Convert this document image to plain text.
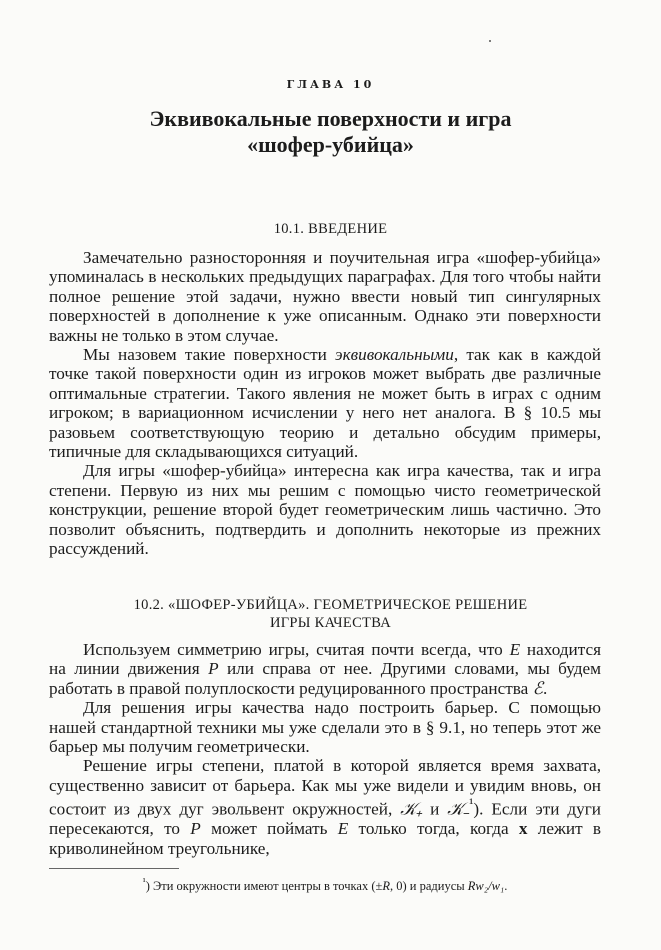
ГЛАВА 10
Эквивокальные поверхности и игра
«шофер-убийца»
10.1. ВВЕДЕНИЕ

Замечательно разносторонняя и поучительная игра «шофер-убийца» упоминалась в нескольких предыдущих параграфах. Для того чтобы найти полное решение этой задачи, нужно ввести новый тип сингулярных поверхностей в дополнение к уже описанным. Однако эти поверхности важны не только в этом случае.

Мы назовем такие поверхности эквивокальными, так как в каждой точке такой поверхности один из игроков может выбрать две различные оптимальные стратегии. Такого явления не может быть в играх с одним игроком; в вариационном исчислении у него нет аналога. В § 10.5 мы разовьем соответствующую теорию и детально обсудим примеры, типичные для складывающихся ситуаций.

Для игры «шофер-убийца» интересна как игра качества, так и игра степени. Первую из них мы решим с помощью чисто геометрической конструкции, решение второй будет геометрическим лишь частично. Это позволит объяснить, подтвердить и дополнить некоторые из прежних рассуждений.

10.2. «ШОФЕР-УБИЙЦА». ГЕОМЕТРИЧЕСКОЕ РЕШЕНИЕ
ИГРЫ КАЧЕСТВА

Используем симметрию игры, считая почти всегда, что E находится на линии движения P или справа от нее. Другими словами, мы будем работать в правой полуплоскости редуцированного пространства ℰ.

Для решения игры качества надо построить барьер. С помощью нашей стандартной техники мы уже сделали это в § 9.1, но теперь этот же барьер мы получим геометрически.

Решение игры степени, платой в которой является время захвата, существенно зависит от барьера. Как мы уже видели и увидим вновь, он состоит из двух дуг эвольвент окружностей, 𝒦₊ и 𝒦₋$^{^1}$). Если эти дуги пересекаются, то P может поймать E только тогда, когда x лежит в криволинейном треугольнике,

$^{^1}$) Эти окружности имеют центры в точках (±R, 0) и радиусы Rw₂/w₁.
